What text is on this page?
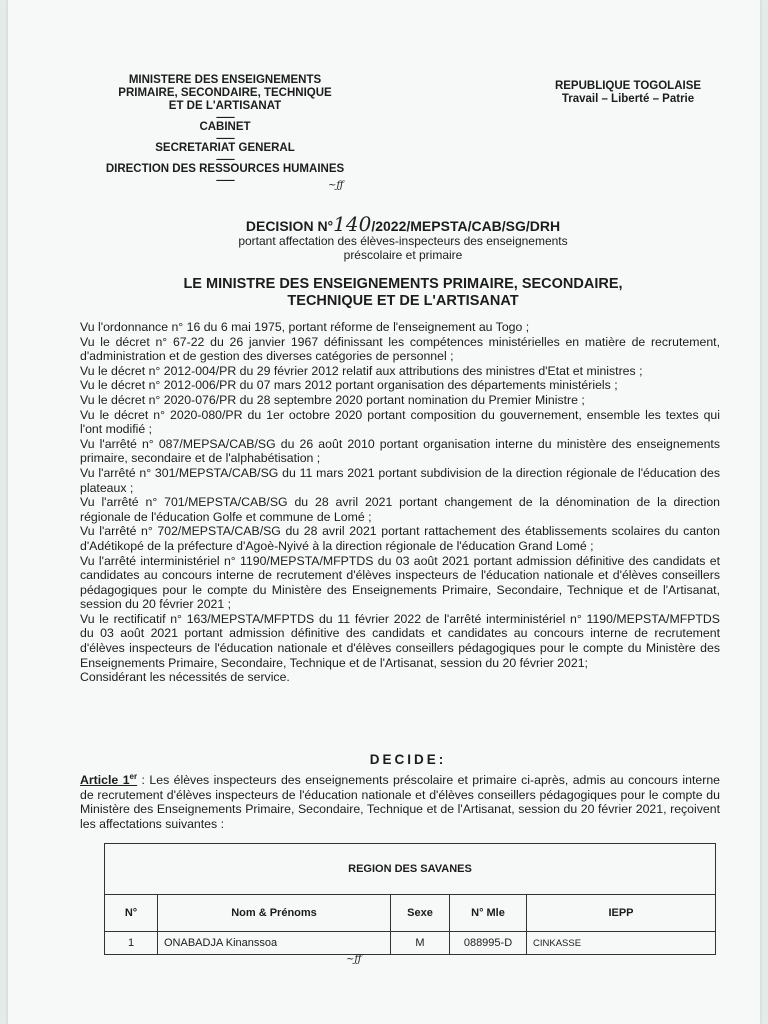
MINISTERE DES ENSEIGNEMENTS

PRIMAIRE, SECONDAIRE, TECHNIQUE

ET DE L'ARTISANAT

---------

CABINET

---------

SECRETARIAT GENERAL

---------

DIRECTION DES RESSOURCES HUMAINES

---------	~ƒƒ
REPUBLIQUE TOGOLAISE
Travail – Liberté – Patrie
DECISION N°140/2022/MEPSTA/CAB/SG/DRH
portant affectation des élèves-inspecteurs des enseignements
préscolaire et primaire
LE MINISTRE DES ENSEIGNEMENTS PRIMAIRE, SECONDAIRE,
TECHNIQUE ET DE L'ARTISANAT

Vu l'ordonnance n° 16 du 6 mai 1975, portant réforme de l'enseignement au Togo ;

Vu le décret n° 67-22 du 26 janvier 1967 définissant les compétences ministérielles en matière de recrutement, d'administration et de gestion des diverses catégories de personnel ;

Vu le décret n° 2012-004/PR du 29 février 2012 relatif aux attributions des ministres d'Etat et ministres ;

Vu le décret n° 2012-006/PR du 07 mars 2012 portant organisation des départements ministériels ;

Vu le décret n° 2020-076/PR du 28 septembre 2020 portant nomination du Premier Ministre ;

Vu le décret n° 2020-080/PR du 1er octobre 2020 portant composition du gouvernement, ensemble les textes qui l'ont modifié ;

Vu l'arrêté n° 087/MEPSA/CAB/SG du 26 août 2010 portant organisation interne du ministère des enseignements primaire, secondaire et de l'alphabétisation ;

Vu l'arrêté n° 301/MEPSTA/CAB/SG du 11 mars 2021 portant subdivision de la direction régionale de l'éducation des plateaux ;

Vu l'arrêté n° 701/MEPSTA/CAB/SG du 28 avril 2021 portant changement de la dénomination de la direction régionale de l'éducation Golfe et commune de Lomé ;

Vu l'arrêté n° 702/MEPSTA/CAB/SG du 28 avril 2021 portant rattachement des établissements scolaires du canton d'Adétikopé de la préfecture d'Agoè-Nyivé à la direction régionale de l'éducation Grand Lomé ;

Vu l'arrêté interministériel n° 1190/MEPSTA/MFPTDS du 03 août 2021 portant admission définitive des candidats et candidates au concours interne de recrutement d'élèves inspecteurs de l'éducation nationale et d'élèves conseillers pédagogiques pour le compte du Ministère des Enseignements Primaire, Secondaire, Technique et de l'Artisanat, session du 20 février 2021 ;

Vu le rectificatif n° 163/MEPSTA/MFPTDS du 11 février 2022 de l'arrêté interministériel n° 1190/MEPSTA/MFPTDS du 03 août 2021 portant admission définitive des candidats et candidates au concours interne de recrutement d'élèves inspecteurs de l'éducation nationale et d'élèves conseillers pédagogiques pour le compte du Ministère des Enseignements Primaire, Secondaire, Technique et de l'Artisanat, session du 20 février 2021;

Considérant les nécessités de service.

DECIDE:
Article 1er : Les élèves inspecteurs des enseignements préscolaire et primaire ci-après, admis au concours interne de recrutement d'élèves inspecteurs de l'éducation nationale et d'élèves conseillers pédagogiques pour le compte du Ministère des Enseignements Primaire, Secondaire, Technique et de l'Artisanat, session du 20 février 2021, reçoivent les affectations suivantes :
REGION DES SAVANES				
N°	Nom & Prénoms	Sexe	N° Mle	IEPP
1	ONABADJA Kinanssoa	M	088995-D	CINKASSE
~ƒƒ
